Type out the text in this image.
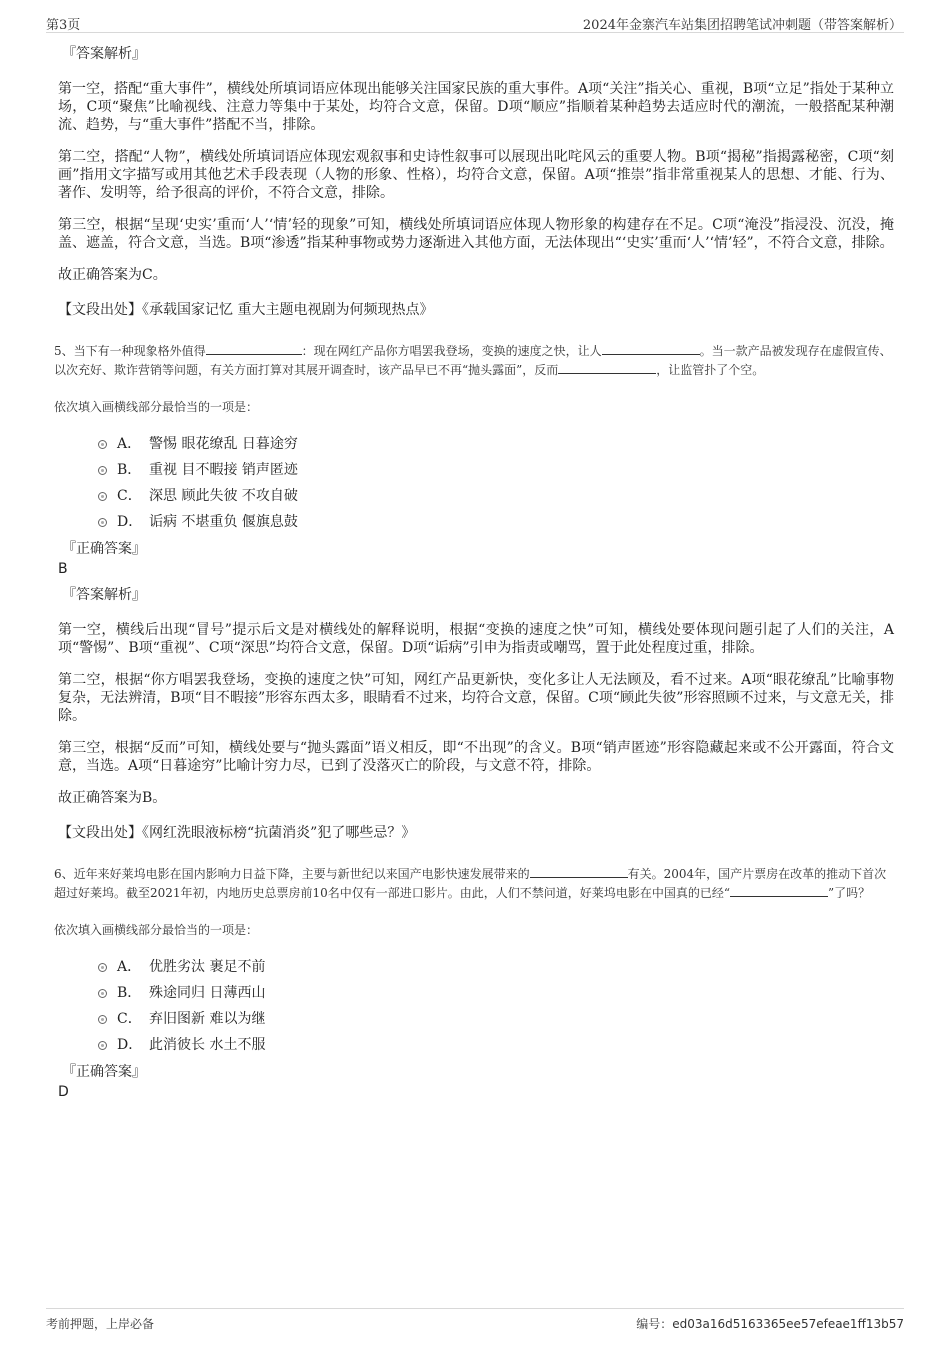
第3页	2024年金寨汽车站集团招聘笔试冲刺题（带答案解析）
『答案解析』

第一空，搭配“重大事件”，横线处所填词语应体现出能够关注国家民族的重大事件。A项“关注”指关心、重视，B项“立足”指处于某种立场，C项“聚焦”比喻视线、注意力等集中于某处，均符合文意，保留。D项“顺应”指顺着某种趋势去适应时代的潮流，一般搭配某种潮流、趋势，与“重大事件”搭配不当，排除。

第二空，搭配“人物”，横线处所填词语应体现宏观叙事和史诗性叙事可以展现出叱咤风云的重要人物。B项“揭秘”指揭露秘密，C项“刻画”指用文字描写或用其他艺术手段表现（人物的形象、性格），均符合文意，保留。A项“推崇”指非常重视某人的思想、才能、行为、著作、发明等，给予很高的评价，不符合文意，排除。

第三空，根据“呈现‘史实’重而‘人’‘情’轻的现象”可知，横线处所填词语应体现人物形象的构建存在不足。C项“淹没”指浸没、沉没，掩盖、遮盖，符合文意，当选。B项“渗透”指某种事物或势力逐渐进入其他方面，无法体现出“‘史实’重而‘人’‘情’轻”，不符合文意，排除。

故正确答案为C。

【文段出处】《承载国家记忆 重大主题电视剧为何频现热点》
5、当下有一种现象格外值得	：现在网红产品你方唱罢我登场，变换的速度之快，让人	。当一款产品被发现存在虚假宣传、以次充好、欺诈营销等问题，有关方面打算对其展开调查时，该产品早已不再“抛头露面”，反而	，让监管扑了个空。
依次填入画横线部分最恰当的一项是：
A． 警惕 眼花缭乱 日暮途穷
B． 重视 目不暇接 销声匿迹
C． 深思 顾此失彼 不攻自破
D． 诟病 不堪重负 偃旗息鼓
『正确答案』
B
『答案解析』

第一空，横线后出现“冒号”提示后文是对横线处的解释说明，根据“变换的速度之快”可知，横线处要体现问题引起了人们的关注，A项“警惕”、B项“重视”、C项“深思”均符合文意，保留。D项“诟病”引申为指责或嘲骂，置于此处程度过重，排除。

第二空，根据“你方唱罢我登场，变换的速度之快”可知，网红产品更新快，变化多让人无法顾及，看不过来。A项“眼花缭乱”比喻事物复杂，无法辨清，B项“目不暇接”形容东西太多，眼睛看不过来，均符合文意，保留。C项“顾此失彼”形容照顾不过来，与文意无关，排除。

第三空，根据“反而”可知，横线处要与“抛头露面”语义相反，即“不出现”的含义。B项“销声匿迹”形容隐藏起来或不公开露面，符合文意，当选。A项“日暮途穷”比喻计穷力尽，已到了没落灭亡的阶段，与文意不符，排除。

故正确答案为B。

【文段出处】《网红洗眼液标榜“抗菌消炎”犯了哪些忌？》
6、近年来好莱坞电影在国内影响力日益下降，主要与新世纪以来国产电影快速发展带来的	有关。2004年，国产片票房在改革的推动下首次超过好莱坞。截至2021年初，内地历史总票房前10名中仅有一部进口影片。由此，人们不禁问道，好莱坞电影在中国真的已经“	”了吗？
依次填入画横线部分最恰当的一项是：
A． 优胜劣汰 裹足不前
B． 殊途同归 日薄西山
C． 弃旧图新 难以为继
D． 此消彼长 水土不服
『正确答案』
D
考前押题，上岸必备	编号：ed03a16d5163365ee57efeae1ff13b57
